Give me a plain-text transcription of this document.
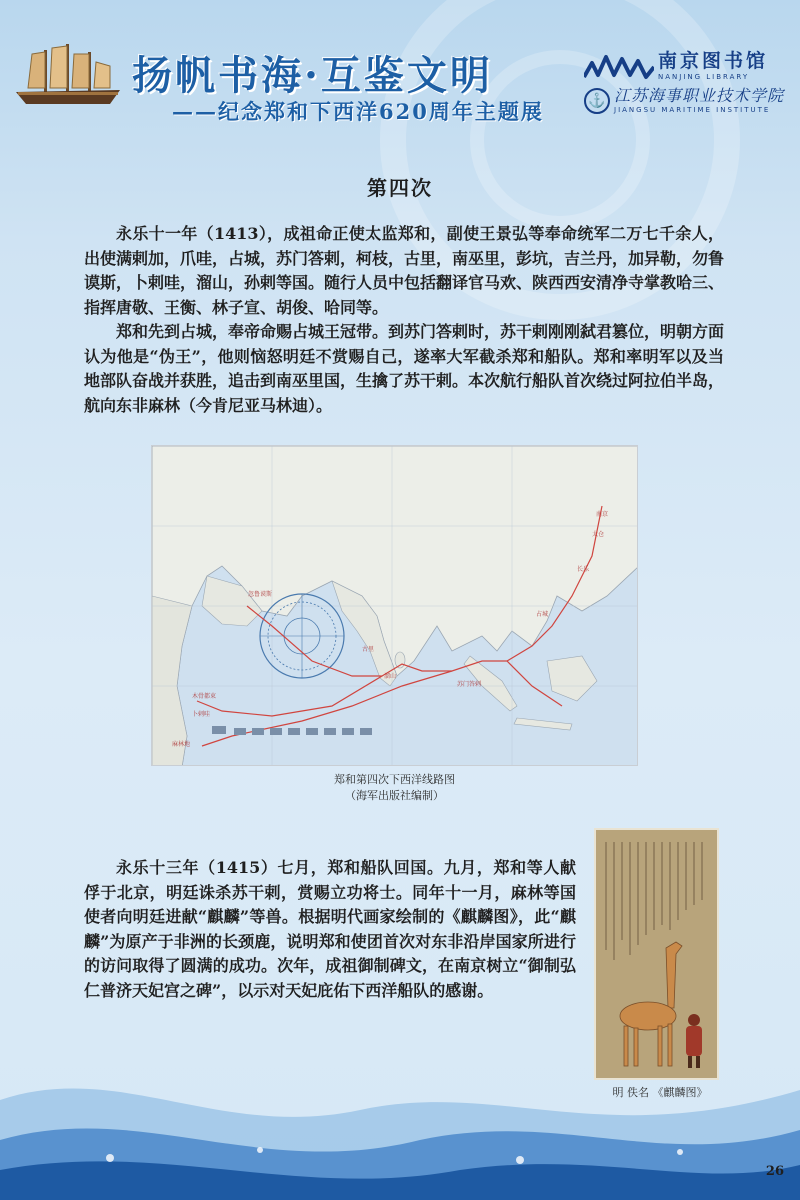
扬帆书海·互鉴文明
——纪念郑和下西洋620周年主题展
南京图书馆
NANJING LIBRARY
⚓ 江苏海事职业技术学院
JIANGSU MARITIME INSTITUTE
第四次

永乐十一年（1413），成祖命正使太监郑和，副使王景弘等奉命统军二万七千余人，出使满剌加，爪哇，占城，苏门答剌，柯枝，古里，南巫里，彭坑，吉兰丹，加异勒，勿鲁谟斯，卜剌哇，溜山，孙剌等国。随行人员中包括翻译官马欢、陕西西安清净寺掌教哈三、指挥唐敬、王衡、林子宣、胡俊、哈同等。

郑和先到占城，奉帝命赐占城王冠带。到苏门答剌时，苏干剌刚刚弑君篡位，明朝方面认为他是“伪王”，他则恼怒明廷不赏赐自己，遂率大军截杀郑和船队。郑和率明军以及当地部队奋战并获胜，追击到南巫里国，生擒了苏干剌。本次航行船队首次绕过阿拉伯半岛，航向东非麻林（今肯尼亚马林迪）。

南京
太仓
长乐
占城
苏门答剌
溜山
古里
忽鲁谟斯
木骨都束
卜剌哇
麻林地
郑和第四次下西洋线路图
（海军出版社编制）

永乐十三年（1415）七月，郑和船队回国。九月，郑和等人献俘于北京，明廷诛杀苏干剌，赏赐立功将士。同年十一月，麻林等国使者向明廷进献“麒麟”等兽。根据明代画家绘制的《麒麟图》，此“麒麟”为原产于非洲的长颈鹿，说明郑和使团首次对东非沿岸国家所进行的访问取得了圆满的成功。次年，成祖御制碑文，在南京树立“御制弘仁普济天妃宫之碑”，以示对天妃庇佑下西洋船队的感谢。

明 佚名 《麒麟图》
26
